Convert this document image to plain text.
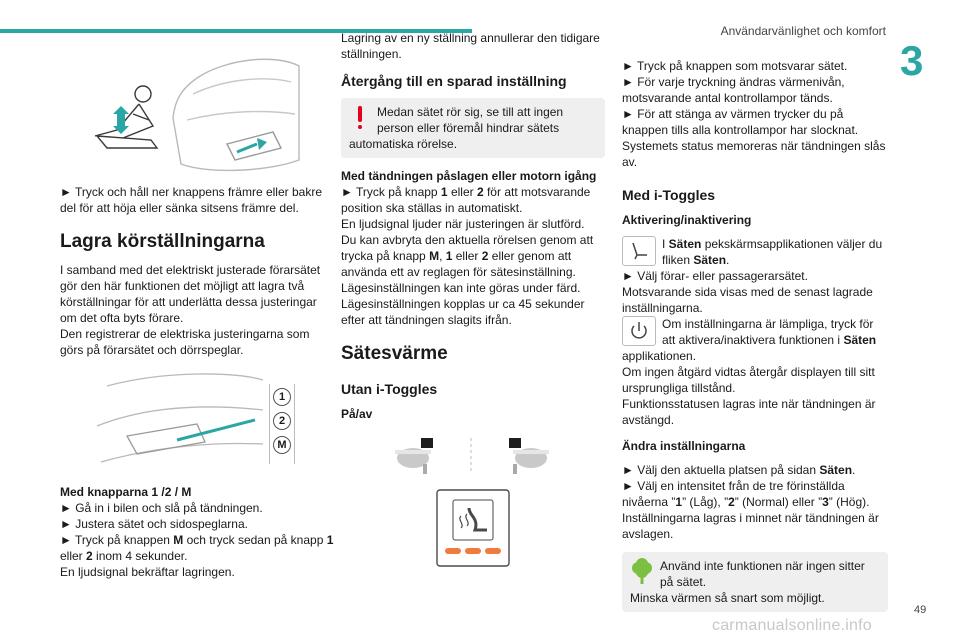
Användarvänlighet och komfort
3
49
carmanualsonline.info

► Tryck och håll ner knappens främre eller bakre del för att höja eller sänka sitsens främre del.

Lagra körställningarna

I samband med det elektriskt justerade förarsätet gör den här funktionen det möjligt att lagra två körställningar för att underlätta dessa justeringar om det ofta byts förare.

Den registrerar de elektriska justeringarna som görs på förarsätet och dörrspeglar.

1
2
M

Med knapparna 1 /2 / M

► Gå in i bilen och slå på tändningen.

► Justera sätet och sidospeglarna.

► Tryck på knappen M och tryck sedan på knapp 1 eller 2 inom 4 sekunder.

En ljudsignal bekräftar lagringen.

Lagring av en ny ställning annullerar den tidigare ställningen.

Återgång till en sparad inställning
Medan sätet rör sig, se till att ingen person eller föremål hindrar sätets automatiska rörelse.

Med tändningen påslagen eller motorn igång

► Tryck på knapp 1 eller 2 för att motsvarande position ska ställas in automatiskt.

En ljudsignal ljuder när justeringen är slutförd.

Du kan avbryta den aktuella rörelsen genom att trycka på knapp M, 1 eller 2 eller genom att använda ett av reglagen för sätesinställning.

Lägesinställningen kan inte göras under färd.

Lägesinställningen kopplas ur ca 45 sekunder efter att tändningen slagits ifrån.

Sätesvärme
Utan i-Toggles
På/av

► Tryck på knappen som motsvarar sätet.

► För varje tryckning ändras värmenivån, motsvarande antal kontrollampor tänds.

► För att stänga av värmen trycker du på knappen tills alla kontrollampor har slocknat.

Systemets status memoreras när tändningen slås av.

Med i-Toggles
Aktivering/inaktivering

I Säten pekskärmsapplikationen väljer du fliken Säten.

► Välj förar- eller passagerarsätet.

Motsvarande sida visas med de senast lagrade inställningarna.

Om inställningarna är lämpliga, tryck för att aktivera/inaktivera funktionen i Säten applikationen.

Om ingen åtgärd vidtas återgår displayen till sitt ursprungliga tillstånd.

Funktionsstatusen lagras inte när tändningen är avstängd.

Ändra inställningarna

► Välj den aktuella platsen på sidan Säten.

► Välj en intensitet från de tre förinställda nivåerna ”1” (Låg), ”2” (Normal) eller ”3” (Hög).

Inställningarna lagras i minnet när tändningen är avslagen.

Använd inte funktionen när ingen sitter på sätet.
Minska värmen så snart som möjligt.
